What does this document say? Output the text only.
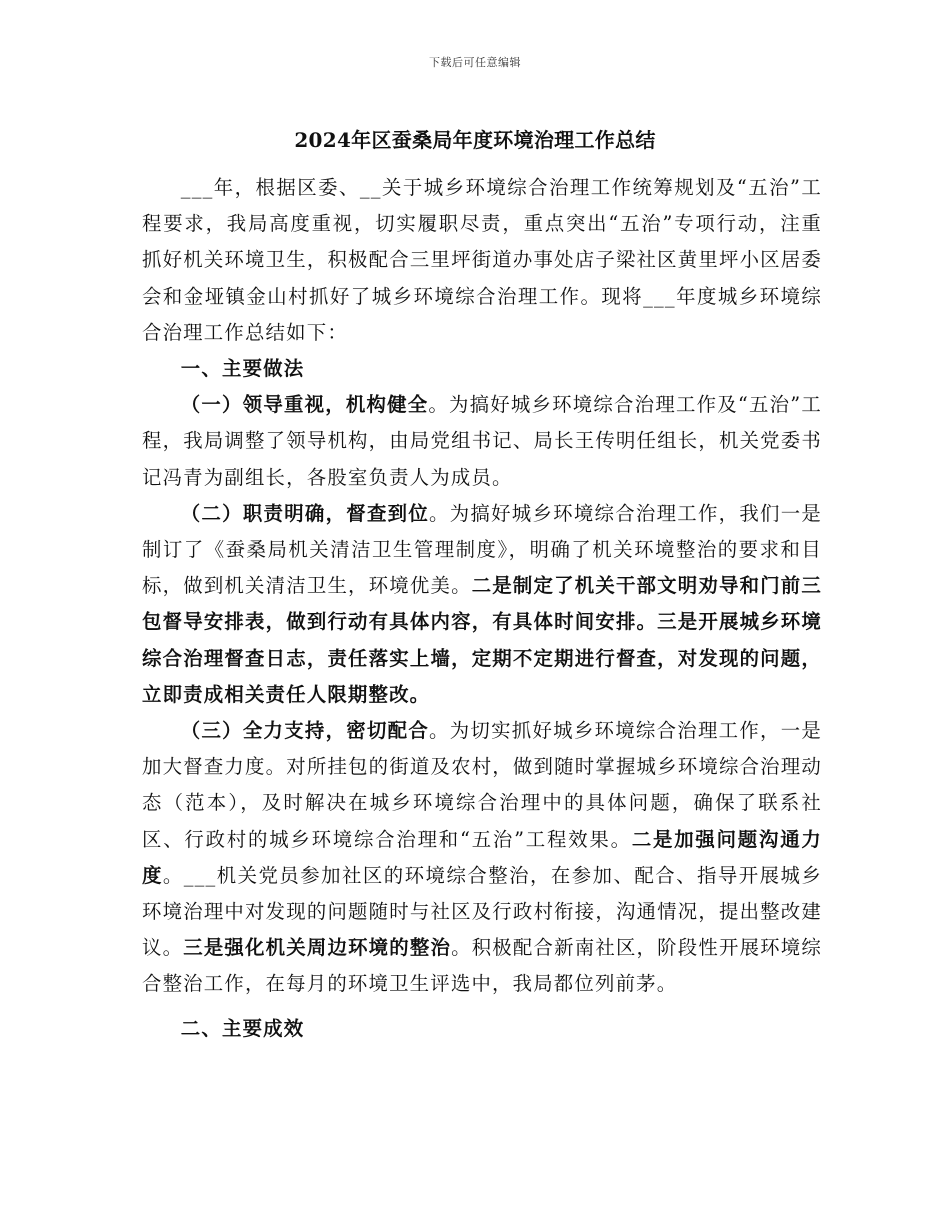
下载后可任意编辑
2024年区蚕桑局年度环境治理工作总结

___年，根据区委、__关于城乡环境综合治理工作统筹规划及“五治”工程要求，我局高度重视，切实履职尽责，重点突出“五治”专项行动，注重抓好机关环境卫生，积极配合三里坪街道办事处店子梁社区黄里坪小区居委会和金垭镇金山村抓好了城乡环境综合治理工作。现将___年度城乡环境综合治理工作总结如下：

一、主要做法

（一）领导重视，机构健全。为搞好城乡环境综合治理工作及“五治”工程，我局调整了领导机构，由局党组书记、局长王传明任组长，机关党委书记冯青为副组长，各股室负责人为成员。

（二）职责明确，督查到位。为搞好城乡环境综合治理工作，我们一是制订了《蚕桑局机关清洁卫生管理制度》，明确了机关环境整治的要求和目标，做到机关清洁卫生，环境优美。二是制定了机关干部文明劝导和门前三包督导安排表，做到行动有具体内容，有具体时间安排。三是开展城乡环境综合治理督查日志，责任落实上墙，定期不定期进行督查，对发现的问题，立即责成相关责任人限期整改。

（三）全力支持，密切配合。为切实抓好城乡环境综合治理工作，一是加大督查力度。对所挂包的街道及农村，做到随时掌握城乡环境综合治理动态（范本），及时解决在城乡环境综合治理中的具体问题，确保了联系社区、行政村的城乡环境综合治理和“五治”工程效果。二是加强问题沟通力度。___机关党员参加社区的环境综合整治，在参加、配合、指导开展城乡环境治理中对发现的问题随时与社区及行政村衔接，沟通情况，提出整改建议。三是强化机关周边环境的整治。积极配合新南社区，阶段性开展环境综合整治工作，在每月的环境卫生评选中，我局都位列前茅。

二、主要成效
